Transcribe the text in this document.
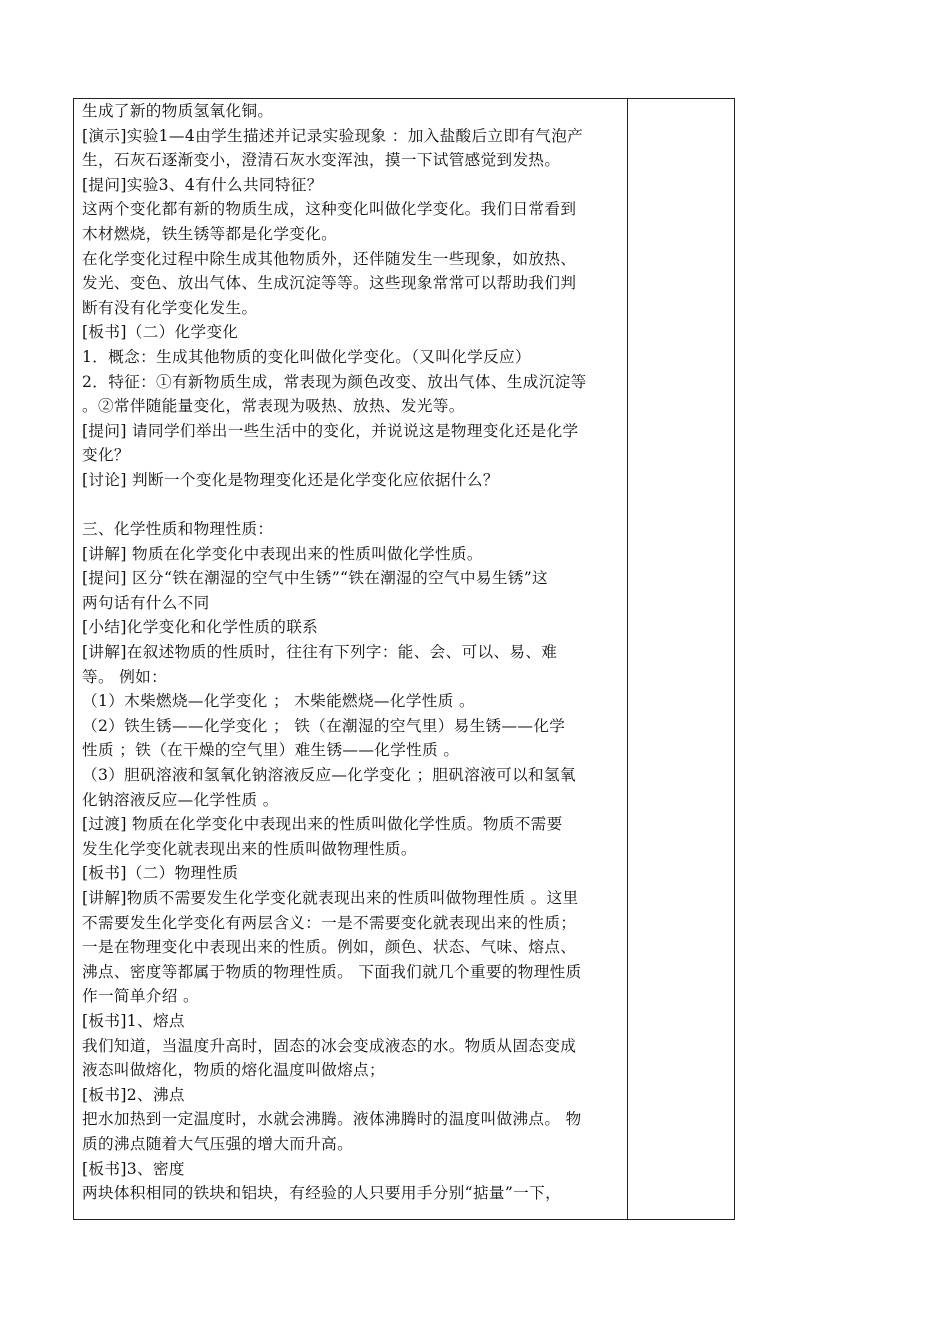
生成了新的物质氢氧化铜。
[演示]实验1—4由学生描述并记录实验现象 ：加入盐酸后立即有气泡产
生，石灰石逐渐变小，澄清石灰水变浑浊，摸一下试管感觉到发热。
[提问]实验3、4有什么共同特征？
这两个变化都有新的物质生成，这种变化叫做化学变化。我们日常看到
木材燃烧，铁生锈等都是化学变化。
在化学变化过程中除生成其他物质外，还伴随发生一些现象，如放热、
发光、变色、放出气体、生成沉淀等等。这些现象常常可以帮助我们判
断有没有化学变化发生。
[板书]（二）化学变化
1．概念：生成其他物质的变化叫做化学变化。（又叫化学反应）
2．特征：①有新物质生成，常表现为颜色改变、放出气体、生成沉淀等
。②常伴随能量变化，常表现为吸热、放热、发光等。
[提问] 请同学们举出一些生活中的变化，并说说这是物理变化还是化学
变化？
[讨论] 判断一个变化是物理变化还是化学变化应依据什么？
三、化学性质和物理性质：
[讲解] 物质在化学变化中表现出来的性质叫做化学性质。
[提问] 区分“铁在潮湿的空气中生锈”“铁在潮湿的空气中易生锈”这
两句话有什么不同
[小结]化学变化和化学性质的联系
[讲解]在叙述物质的性质时，往往有下列字：能、会、可以、易、难
等。 例如：
（1）木柴燃烧—化学变化 ； 木柴能燃烧—化学性质 。
（2）铁生锈——化学变化 ； 铁（在潮湿的空气里）易生锈——化学
性质 ；铁（在干燥的空气里）难生锈——化学性质 。
（3）胆矾溶液和氢氧化钠溶液反应—化学变化 ；胆矾溶液可以和氢氧
化钠溶液反应—化学性质 。
[过渡] 物质在化学变化中表现出来的性质叫做化学性质。物质不需要
发生化学变化就表现出来的性质叫做物理性质。
[板书]（二）物理性质
[讲解]物质不需要发生化学变化就表现出来的性质叫做物理性质 。这里
不需要发生化学变化有两层含义：一是不需要变化就表现出来的性质；
一是在物理变化中表现出来的性质。例如，颜色、状态、气味、熔点、
沸点、密度等都属于物质的物理性质。 下面我们就几个重要的物理性质
作一简单介绍 。
[板书]1、熔点
我们知道，当温度升高时，固态的冰会变成液态的水。物质从固态变成
液态叫做熔化，物质的熔化温度叫做熔点；
[板书]2、沸点
把水加热到一定温度时，水就会沸腾。液体沸腾时的温度叫做沸点。 物
质的沸点随着大气压强的增大而升高。
[板书]3、密度
两块体积相同的铁块和铝块，有经验的人只要用手分别“掂量”一下，
